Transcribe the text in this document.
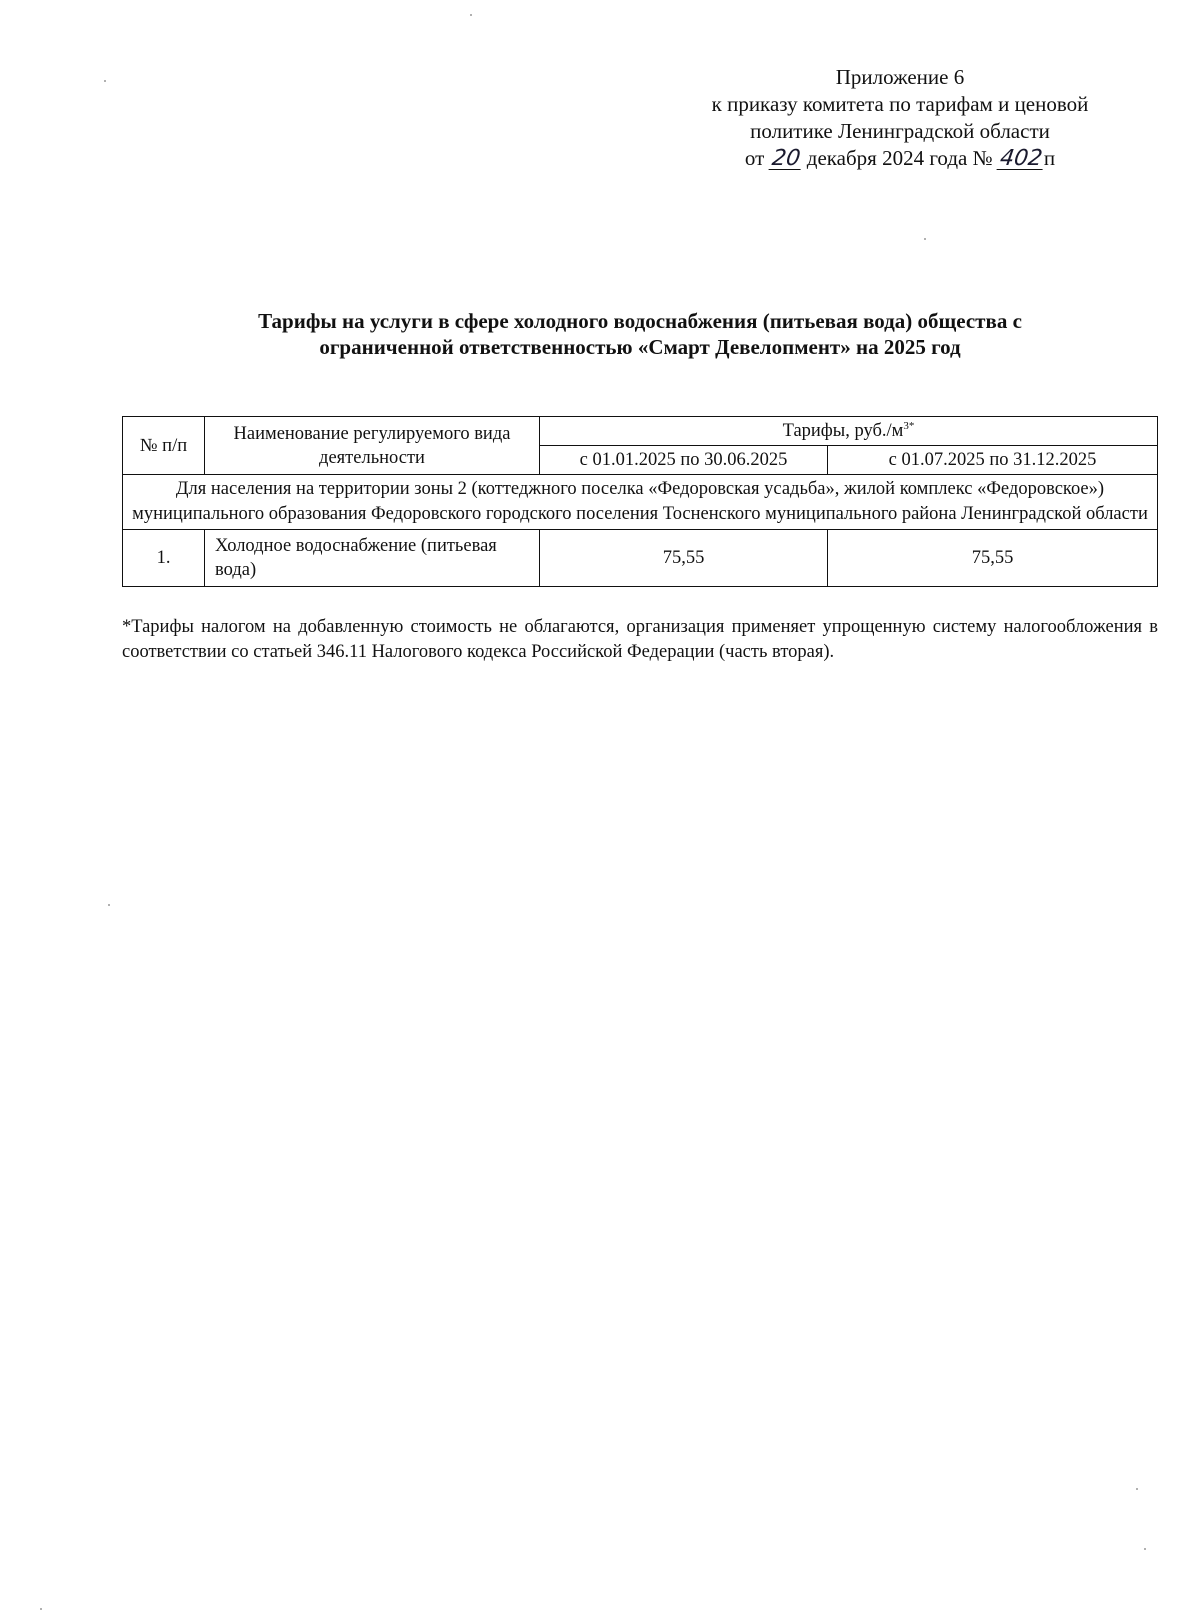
Приложение 6
к приказу комитета по тарифам и ценовой
политике Ленинградской области
от 20 декабря 2024 года № 402п
Тарифы на услуги в сфере холодного водоснабжения (питьевая вода) общества с
ограниченной ответственностью «Смарт Девелопмент» на 2025 год
№ п/п	Наименование регулируемого вида деятельности	Тарифы, $руб./м^{3*}$
		с 01.01.2025 по 30.06.2025	с 01.07.2025 по 31.12.2025
Для населения на территории зоны 2 (коттеджного поселка «Федоровская усадьба», жилой комплекс «Федоровское») муниципального образования Федоровского городского поселения Тосненского муниципального района Ленинградской области			
1.	Холодное водоснабжение (питьевая вода)	75,55	75,55
*Тарифы налогом на добавленную стоимость не облагаются, организация применяет упрощенную систему налогообложения в соответствии со статьей 346.11 Налогового кодекса Российской Федерации (часть вторая).
